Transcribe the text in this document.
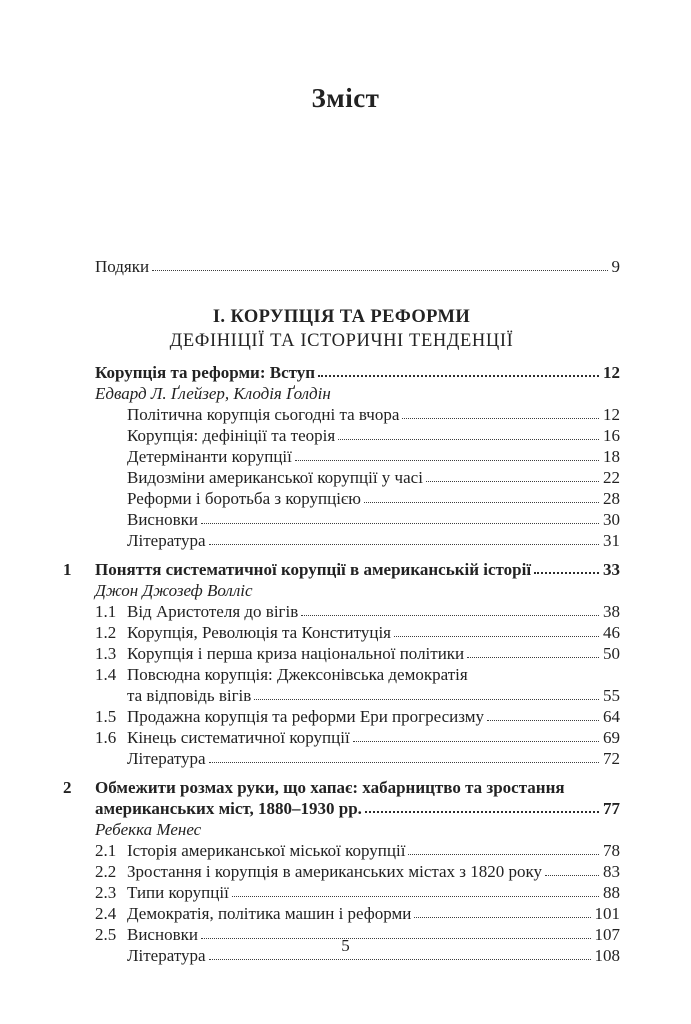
Зміст
Подяки	9
І. КОРУПЦІЯ ТА РЕФОРМИ
ДЕФІНІЦІЇ ТА ІСТОРИЧНІ ТЕНДЕНЦІЇ
Корупція та реформи: Вступ	12
Едвард Л. Ґлейзер, Клодія Ґолдін
Політична корупція сьогодні та вчора	12
Корупція: дефініції та теорія	16
Детермінанти корупції	18
Видозміни американської корупції у часі	22
Реформи і боротьба з корупцією	28
Висновки	30
Література	31
1	Поняття систематичної корупції в американській історії	33
Джон Джозеф Волліс
1.1 Від Аристотеля до вігів	38
1.2 Корупція, Революція та Конституція	46
1.3 Корупція і перша криза національної політики	50
1.4 Повсюдна корупція: Джексонівська демократія
та відповідь вігів	55
1.5 Продажна корупція та реформи Ери прогресизму	64
1.6 Кінець систематичної корупції	69
Література	72
2	Обмежити розмах руки, що хапає: хабарництво та зростання
американських міст, 1880–1930 рр.	77
Ребекка Менес
2.1 Історія американської міської корупції	78
2.2 Зростання і корупція в американських містах з 1820 року	83
2.3 Типи корупції	88
2.4 Демократія, політика машин і реформи	101
2.5 Висновки	107
Література	108
5
